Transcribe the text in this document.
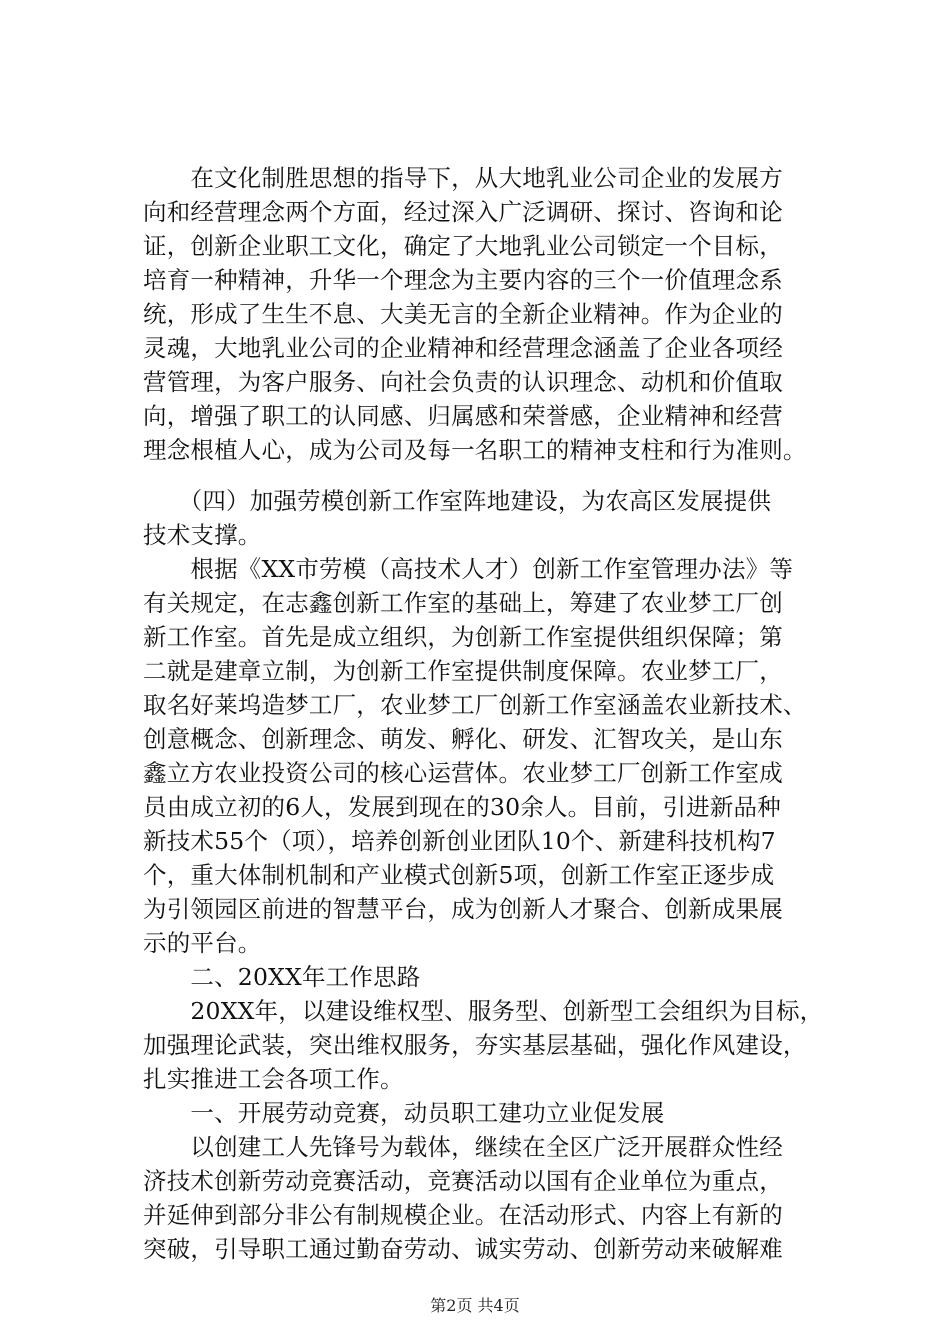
　　在文化制胜思想的指导下，从大地乳业公司企业的发展方
向和经营理念两个方面，经过深入广泛调研、探讨、咨询和论
证，创新企业职工文化，确定了大地乳业公司锁定一个目标，
培育一种精神，升华一个理念为主要内容的三个一价值理念系
统，形成了生生不息、大美无言的全新企业精神。作为企业的
灵魂，大地乳业公司的企业精神和经营理念涵盖了企业各项经
营管理，为客户服务、向社会负责的认识理念、动机和价值取
向，增强了职工的认同感、归属感和荣誉感，企业精神和经营
理念根植人心，成为公司及每一名职工的精神支柱和行为准则。
　　（四）加强劳模创新工作室阵地建设，为农高区发展提供
技术支撑。
　　根据《XX市劳模（高技术人才）创新工作室管理办法》等
有关规定，在志鑫创新工作室的基础上，筹建了农业梦工厂创
新工作室。首先是成立组织，为创新工作室提供组织保障；第
二就是建章立制，为创新工作室提供制度保障。农业梦工厂，
取名好莱坞造梦工厂，农业梦工厂创新工作室涵盖农业新技术、
创意概念、创新理念、萌发、孵化、研发、汇智攻关，是山东
鑫立方农业投资公司的核心运营体。农业梦工厂创新工作室成
员由成立初的6人，发展到现在的30余人。目前，引进新品种
新技术55个（项），培养创新创业团队10个、新建科技机构7
个，重大体制机制和产业模式创新5项，创新工作室正逐步成
为引领园区前进的智慧平台，成为创新人才聚合、创新成果展
示的平台。
　　二、20XX年工作思路
　　20XX年，以建设维权型、服务型、创新型工会组织为目标，
加强理论武装，突出维权服务，夯实基层基础，强化作风建设，
扎实推进工会各项工作。
　　一、开展劳动竞赛，动员职工建功立业促发展
　　以创建工人先锋号为载体，继续在全区广泛开展群众性经
济技术创新劳动竞赛活动，竞赛活动以国有企业单位为重点，
并延伸到部分非公有制规模企业。在活动形式、内容上有新的
突破，引导职工通过勤奋劳动、诚实劳动、创新劳动来破解难
第2页 共4页
